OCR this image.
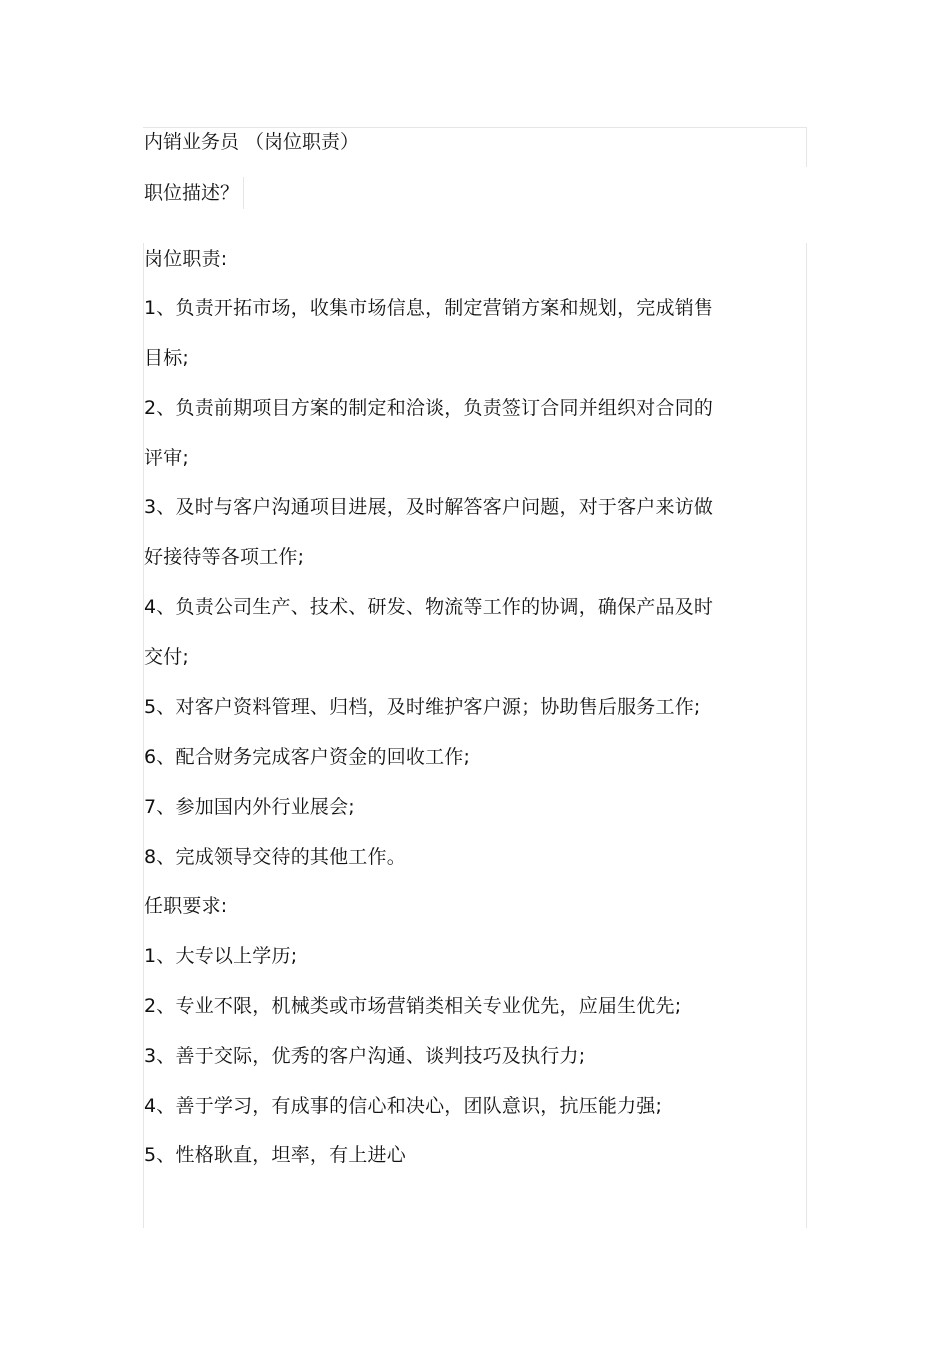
内销业务员 （岗位职责）
职位描述？
岗位职责:
1、负责开拓市场，收集市场信息，制定营销方案和规划，完成销售
目标;
2、负责前期项目方案的制定和洽谈，负责签订合同并组织对合同的
评审;
3、及时与客户沟通项目进展，及时解答客户问题，对于客户来访做
好接待等各项工作;
4、负责公司生产、技术、研发、物流等工作的协调，确保产品及时
交付;
5、对客户资料管理、归档，及时维护客户源；协助售后服务工作;
6、配合财务完成客户资金的回收工作;
7、参加国内外行业展会;
8、完成领导交待的其他工作。
任职要求:
1、大专以上学历;
2、专业不限，机械类或市场营销类相关专业优先，应届生优先;
3、善于交际，优秀的客户沟通、谈判技巧及执行力;
4、善于学习，有成事的信心和决心，团队意识，抗压能力强;
5、性格耿直，坦率，有上进心
